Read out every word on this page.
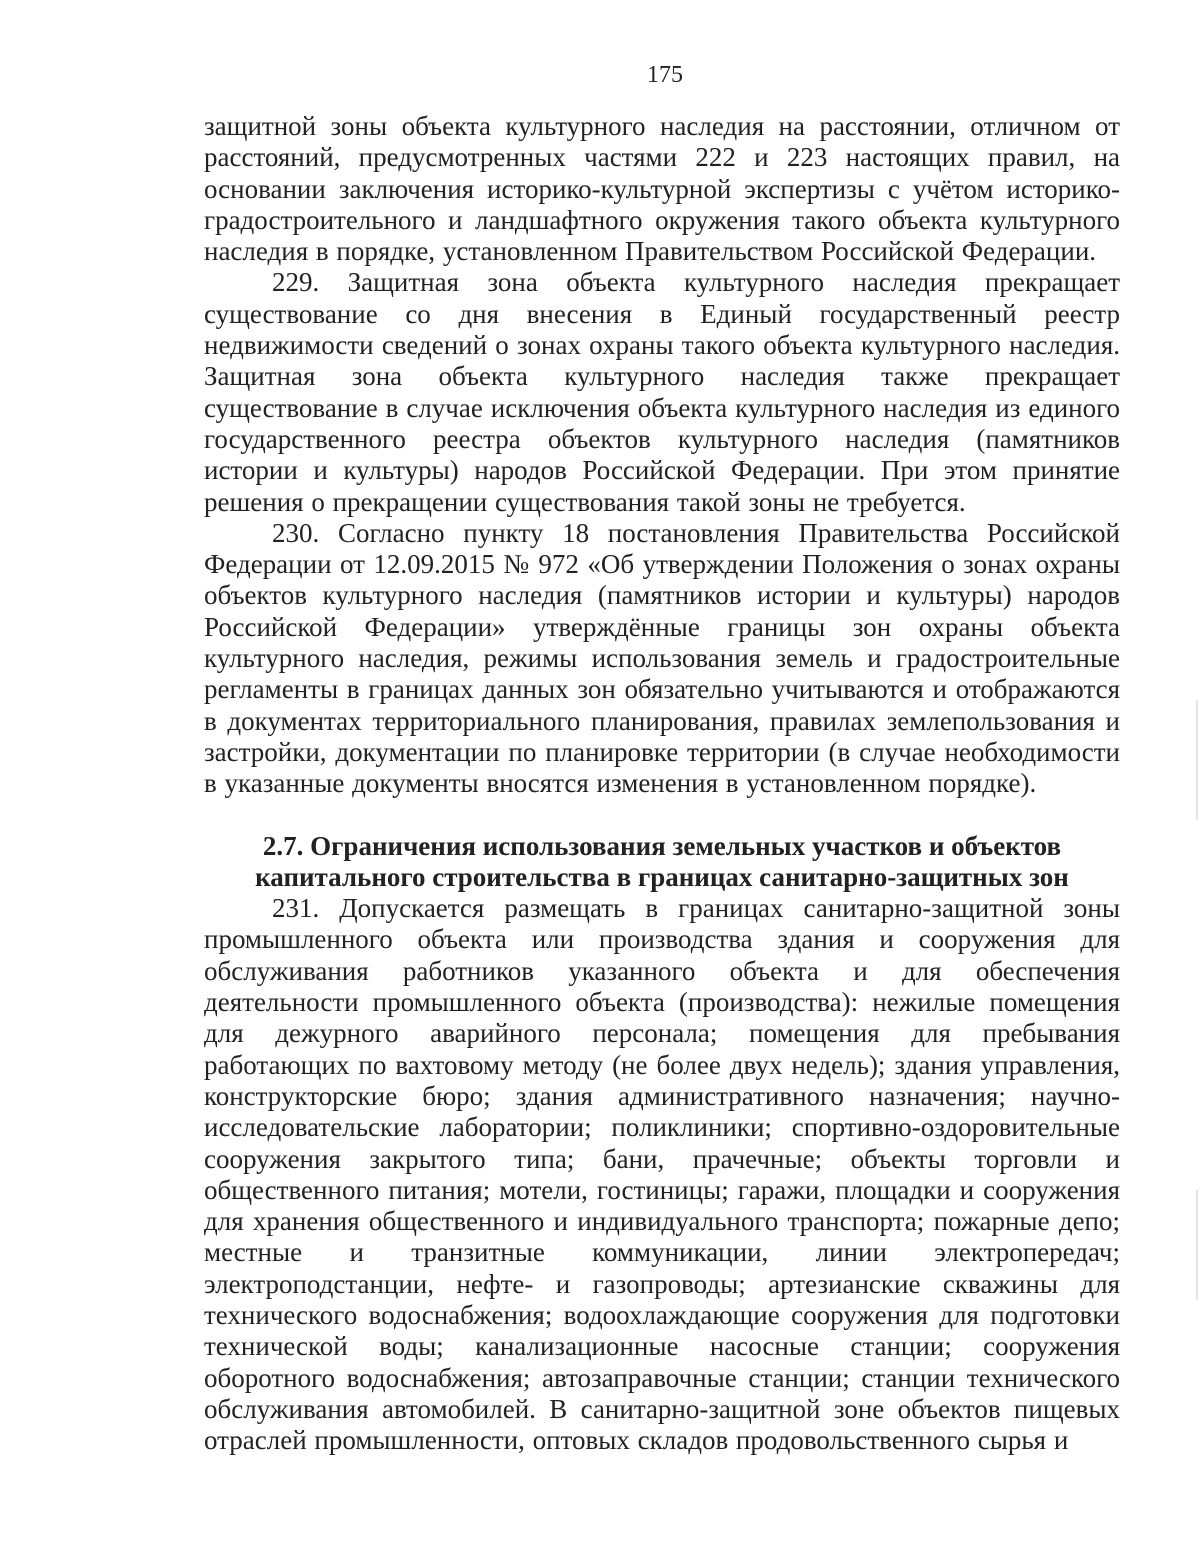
175

защитной зоны объекта культурного наследия на расстоянии, отличном от расстояний, предусмотренных частями 222 и 223 настоящих правил, на основании заключения историко-культурной экспертизы с учётом историко-градостроительного и ландшафтного окружения такого объекта культурного наследия в порядке, установленном Правительством Российской Федерации.

229. Защитная зона объекта культурного наследия прекращает существование со дня внесения в Единый государственный реестр недвижимости сведений о зонах охраны такого объекта культурного наследия. Защитная зона объекта культурного наследия также прекращает существование в случае исключения объекта культурного наследия из единого государственного реестра объектов культурного наследия (памятников истории и культуры) народов Российской Федерации. При этом принятие решения о прекращении существования такой зоны не требуется.

230. Согласно пункту 18 постановления Правительства Российской Федерации от 12.09.2015 № 972 «Об утверждении Положения о зонах охраны объектов культурного наследия (памятников истории и культуры) народов Российской Федерации» утверждённые границы зон охраны объекта культурного наследия, режимы использования земель и градостроительные регламенты в границах данных зон обязательно учитываются и отображаются в документах территориального планирования, правилах землепользования и застройки, документации по планировке территории (в случае необходимости в указанные документы вносятся изменения в установленном порядке).

2.7. Ограничения использования земельных участков и объектов капитального строительства в границах санитарно-защитных зон

231. Допускается размещать в границах санитарно-защитной зоны промышленного объекта или производства здания и сооружения для обслуживания работников указанного объекта и для обеспечения деятельности промышленного объекта (производства): нежилые помещения для дежурного аварийного персонала; помещения для пребывания работающих по вахтовому методу (не более двух недель); здания управления, конструкторские бюро; здания административного назначения; научно-исследовательские лаборатории; поликлиники; спортивно-оздоровительные сооружения закрытого типа; бани, прачечные; объекты торговли и общественного питания; мотели, гостиницы; гаражи, площадки и сооружения для хранения общественного и индивидуального транспорта; пожарные депо; местные и транзитные коммуникации, линии электропередач; электроподстанции, нефте- и газопроводы; артезианские скважины для технического водоснабжения; водоохлаждающие сооружения для подготовки технической воды; канализационные насосные станции; сооружения оборотного водоснабжения; автозаправочные станции; станции технического обслуживания автомобилей. В санитарно-защитной зоне объектов пищевых отраслей промышленности, оптовых складов продовольственного сырья и
